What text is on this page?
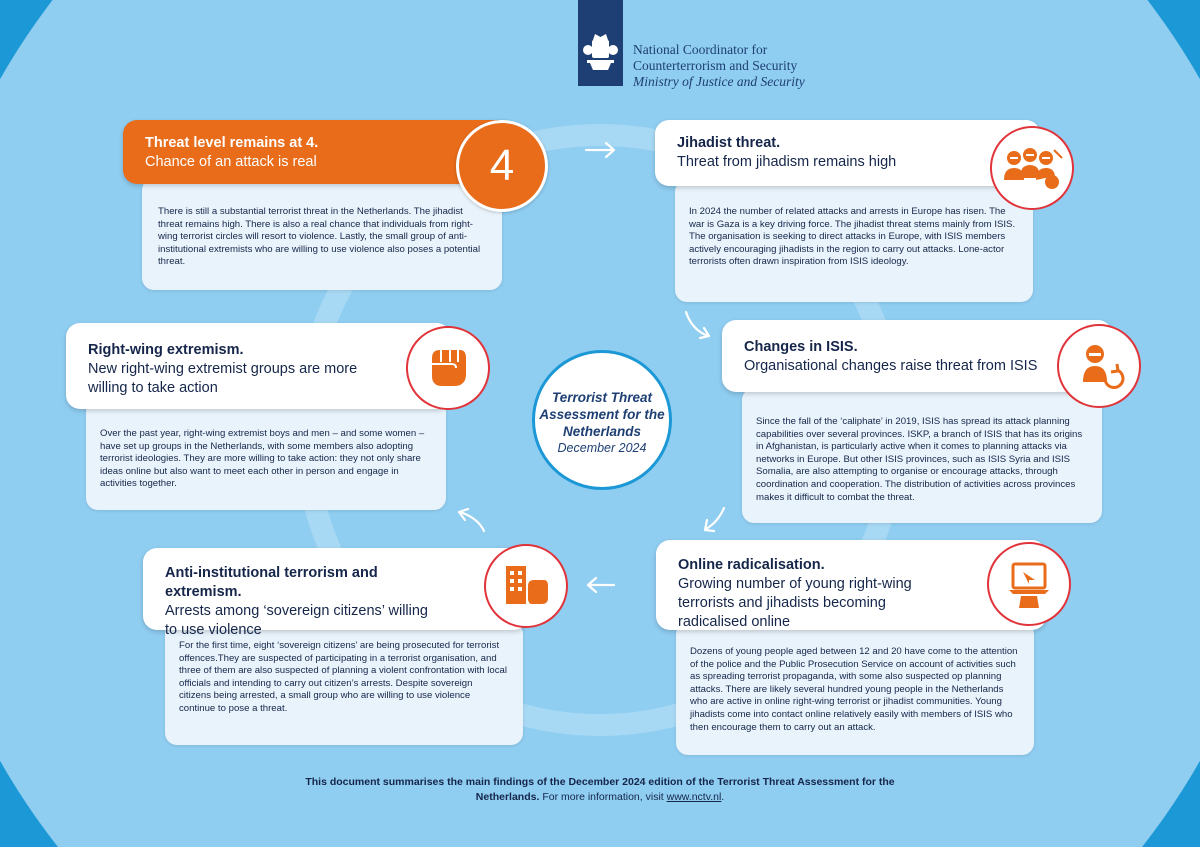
National Coordinator for
Counterterrorism and Security
Ministry of Justice and Security
There is still a substantial terrorist threat in the Netherlands. The jihadist threat remains high. There is also a real chance that individuals from right-wing terrorist circles will resort to violence. Lastly, the small group of anti-institutional extremists who are willing to use violence also poses a potential threat.
Threat level remains at 4.
Chance of an attack is real	4
In 2024 the number of related attacks and arrests in Europe has risen. The war is Gaza is a key driving force. The jihadist threat stems mainly from ISIS. The organisation is seeking to direct attacks in Europe, with ISIS members actively encouraging jihadists in the region to carry out attacks. Lone-actor terrorists often drawn inspiration from ISIS ideology.
Jihadist threat.
Threat from jihadism remains high
Since the fall of the ‘caliphate’ in 2019, ISIS has spread its attack planning capabilities over several provinces. ISKP, a branch of ISIS that has its origins in Afghanistan, is particularly active when it comes to planning attacks via networks in Europe. But other ISIS provinces, such as ISIS Syria and ISIS Somalia, are also attempting to organise or encourage attacks, through coordination and cooperation. The distribution of activities across provinces makes it difficult to combat the threat.
Changes in ISIS.
Organisational changes raise threat from ISIS
Dozens of young people aged between 12 and 20 have come to the attention of the police and the Public Prosecution Service on account of activities such as spreading terrorist propaganda, with some also suspected op planning attacks. There are likely several hundred young people in the Netherlands who are active in online right-wing terrorist or jihadist communities. Young jihadists come into contact online relatively easily with members of ISIS who then encourage them to carry out an attack.
Online radicalisation.
Growing number of young right-wing terrorists and jihadists becoming radicalised online
For the first time, eight ‘sovereign citizens’ are being prosecuted for terrorist offences.They are suspected of participating in a terrorist organisation, and three of them are also suspected of planning a violent confrontation with local officials and intending to carry out citizen’s arrests. Despite sovereign citizens being arrested, a small group who are willing to use violence continue to pose a threat.
Anti-institutional terrorism and extremism.
Arrests among ‘sovereign citizens’ willing to use violence
Over the past year, right-wing extremist boys and men – and some women – have set up groups in the Netherlands, with some members also adopting terrorist ideologies. They are more willing to take action: they not only share ideas online but also want to meet each other in person and engage in activities together.
Right-wing extremism.
New right-wing extremist groups are more willing to take action
Terrorist Threat
Assessment for the
Netherlands
December 2024
This document summarises the main findings of the December 2024 edition of the Terrorist Threat Assessment for the Netherlands. For more information, visit www.nctv.nl.
